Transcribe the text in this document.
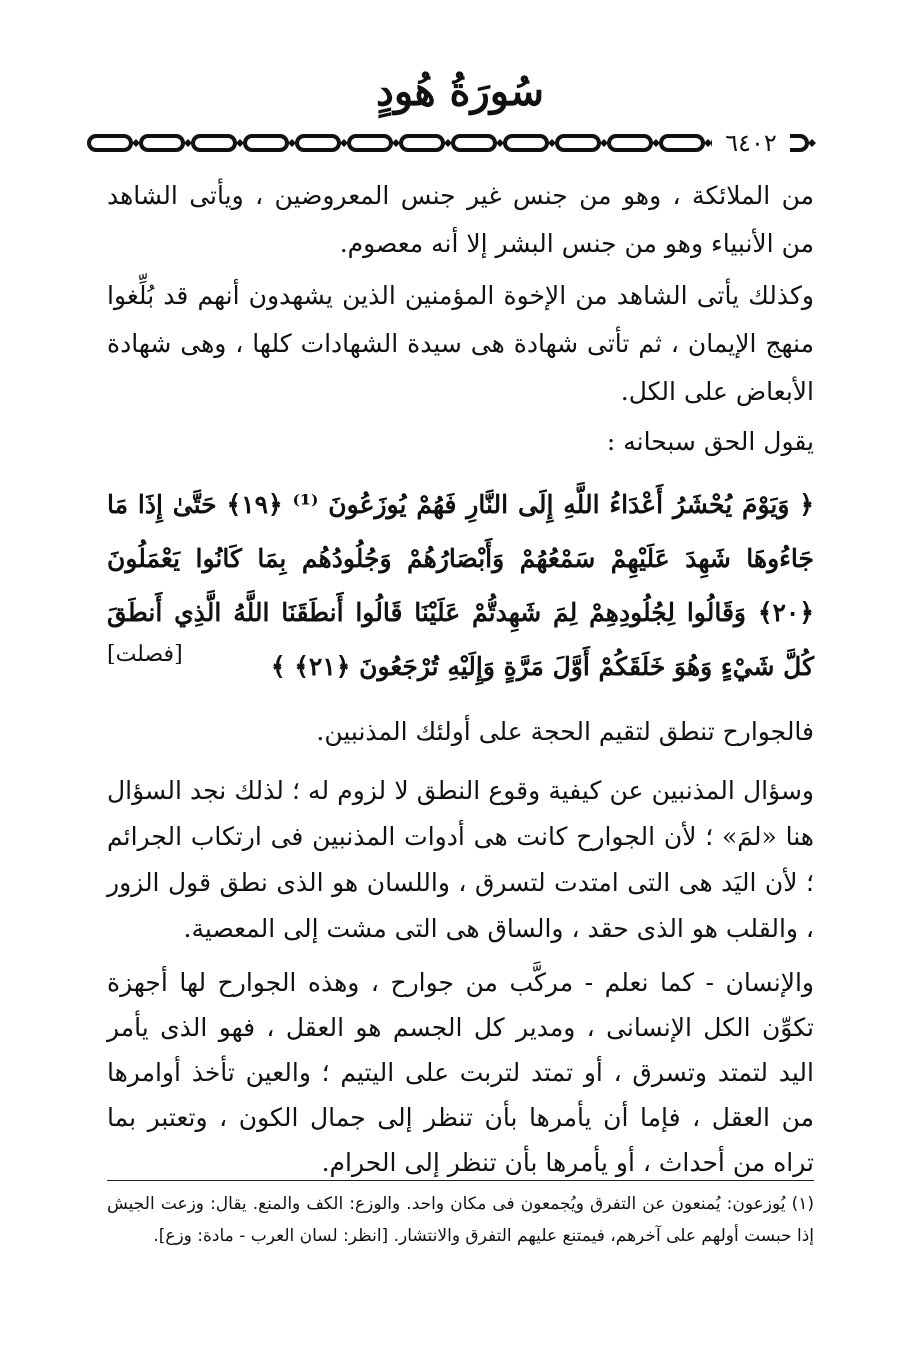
سُورَةُ هُودٍ
٦٤٠٢

من الملائكة ، وهو من جنس غير جنس المعروضين ، ويأتى الشاهد من الأنبياء وهو من جنس البشر إلا أنه معصوم.

وكذلك يأتى الشاهد من الإخوة المؤمنين الذين يشهدون أنهم قد بُلِّغوا منهج الإيمان ، ثم تأتى شهادة هى سيدة الشهادات كلها ، وهى شهادة الأبعاض على الكل.

يقول الحق سبحانه :

﴿ وَيَوْمَ يُحْشَرُ أَعْدَاءُ اللَّهِ إِلَى النَّارِ فَهُمْ يُوزَعُونَ ⁽¹⁾ ﴿١٩﴾ حَتَّىٰ إِذَا مَا جَاءُوهَا شَهِدَ عَلَيْهِمْ سَمْعُهُمْ وَأَبْصَارُهُمْ وَجُلُودُهُم بِمَا كَانُوا يَعْمَلُونَ ﴿٢٠﴾ وَقَالُوا لِجُلُودِهِمْ لِمَ شَهِدتُّمْ عَلَيْنَا قَالُوا أَنطَقَنَا اللَّهُ الَّذِي أَنطَقَ كُلَّ شَيْءٍ وَهُوَ خَلَقَكُمْ أَوَّلَ مَرَّةٍ وَإِلَيْهِ تُرْجَعُونَ ﴿٢١﴾ ﴾

[فصلت]

فالجوارح تنطق لتقيم الحجة على أولئك المذنبين.

وسؤال المذنبين عن كيفية وقوع النطق لا لزوم له ؛ لذلك نجد السؤال هنا «لمَ» ؛ لأن الجوارح كانت هى أدوات المذنبين فى ارتكاب الجرائم ؛ لأن اليَد هى التى امتدت لتسرق ، واللسان هو الذى نطق قول الزور ، والقلب هو الذى حقد ، والساق هى التى مشت إلى المعصية.

والإنسان - كما نعلم - مركَّب من جوارح ، وهذه الجوارح لها أجهزة تكوِّن الكل الإنسانى ، ومدير كل الجسم هو العقل ، فهو الذى يأمر اليد لتمتد وتسرق ، أو تمتد لتربت على اليتيم ؛ والعين تأخذ أوامرها من العقل ، فإما أن يأمرها بأن تنظر إلى جمال الكون ، وتعتبر بما تراه من أحداث ، أو يأمرها بأن تنظر إلى الحرام.

(١) يُوزعون: يُمنعون عن التفرق ويُجمعون فى مكان واحد. والوزع: الكف والمنع. يقال: وزعت الجيش إذا حبست أولهم على آخرهم، فيمتنع عليهم التفرق والانتشار. [انظر: لسان العرب - مادة: وزع].
